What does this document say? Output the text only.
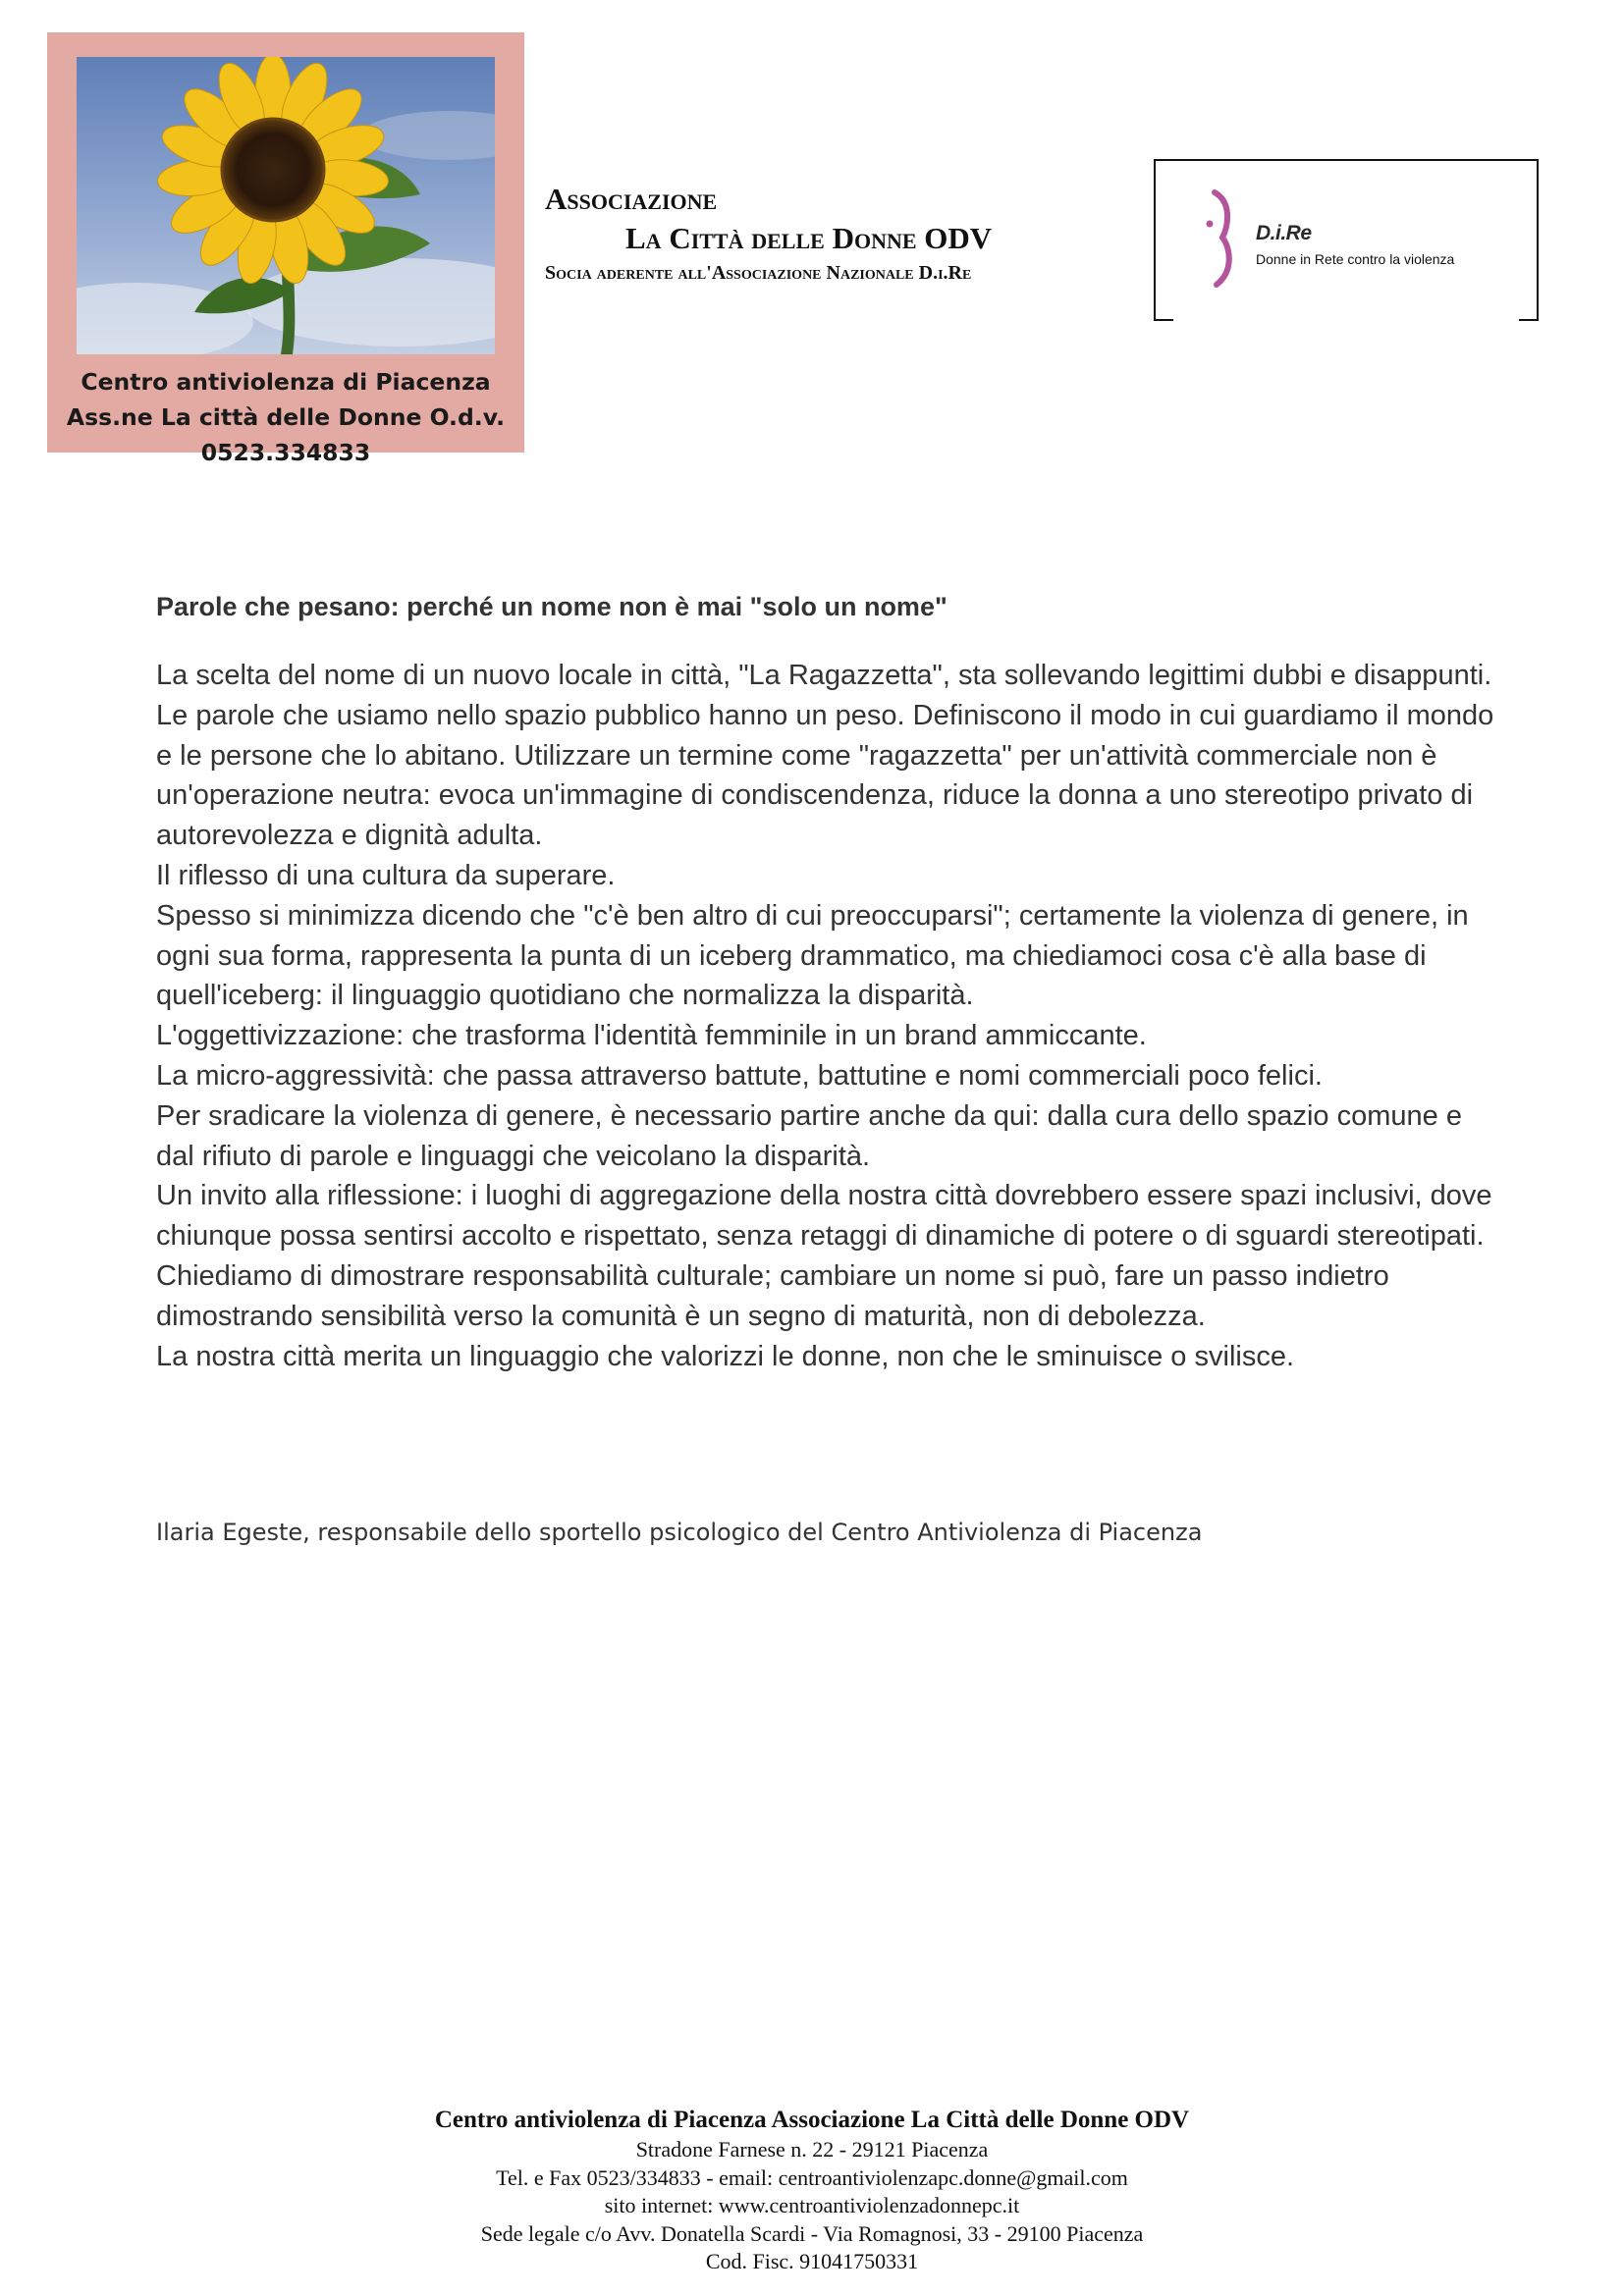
Centro antiviolenza di Piacenza
Ass.ne La città delle Donne O.d.v.
0523.334833
Associazione
La Città delle Donne ODV
Socia aderente all'Associazione Nazionale D.i.Re
D.i.Re
Donne in Rete contro la violenza
Parole che pesano: perché un nome non è mai "solo un nome"

La scelta del nome di un nuovo locale in città, "La Ragazzetta", sta sollevando legittimi dubbi e disappunti. Le parole che usiamo nello spazio pubblico hanno un peso. Definiscono il modo in cui guardiamo il mondo e le persone che lo abitano. Utilizzare un termine come "ragazzetta" per un'attività commerciale non è un'operazione neutra: evoca un'immagine di condiscendenza, riduce la donna a uno stereotipo privato di autorevolezza e dignità adulta.

Il riflesso di una cultura da superare.

Spesso si minimizza dicendo che "c'è ben altro di cui preoccuparsi"; certamente la violenza di genere, in ogni sua forma, rappresenta la punta di un iceberg drammatico, ma chiediamoci cosa c'è alla base di quell'iceberg: il linguaggio quotidiano che normalizza la disparità.

L'oggettivizzazione: che trasforma l'identità femminile in un brand ammiccante.

La micro-aggressività: che passa attraverso battute, battutine e nomi commerciali poco felici.

Per sradicare la violenza di genere, è necessario partire anche da qui: dalla cura dello spazio comune e dal rifiuto di parole e linguaggi che veicolano la disparità.

Un invito alla riflessione: i luoghi di aggregazione della nostra città dovrebbero essere spazi inclusivi, dove chiunque possa sentirsi accolto e rispettato, senza retaggi di dinamiche di potere o di sguardi stereotipati.

Chiediamo di dimostrare responsabilità culturale; cambiare un nome si può, fare un passo indietro dimostrando sensibilità verso la comunità è un segno di maturità, non di debolezza.

La nostra città merita un linguaggio che valorizzi le donne, non che le sminuisce o svilisce.

Ilaria Egeste, responsabile dello sportello psicologico del Centro Antiviolenza di Piacenza
Centro antiviolenza di Piacenza Associazione La Città delle Donne ODV
Stradone Farnese n. 22 - 29121 Piacenza
Tel. e Fax 0523/334833 - email: centroantiviolenzapc.donne@gmail.com
sito internet: www.centroantiviolenzadonnepc.it
Sede legale c/o Avv. Donatella Scardi - Via Romagnosi, 33 - 29100 Piacenza
Cod. Fisc. 91041750331
